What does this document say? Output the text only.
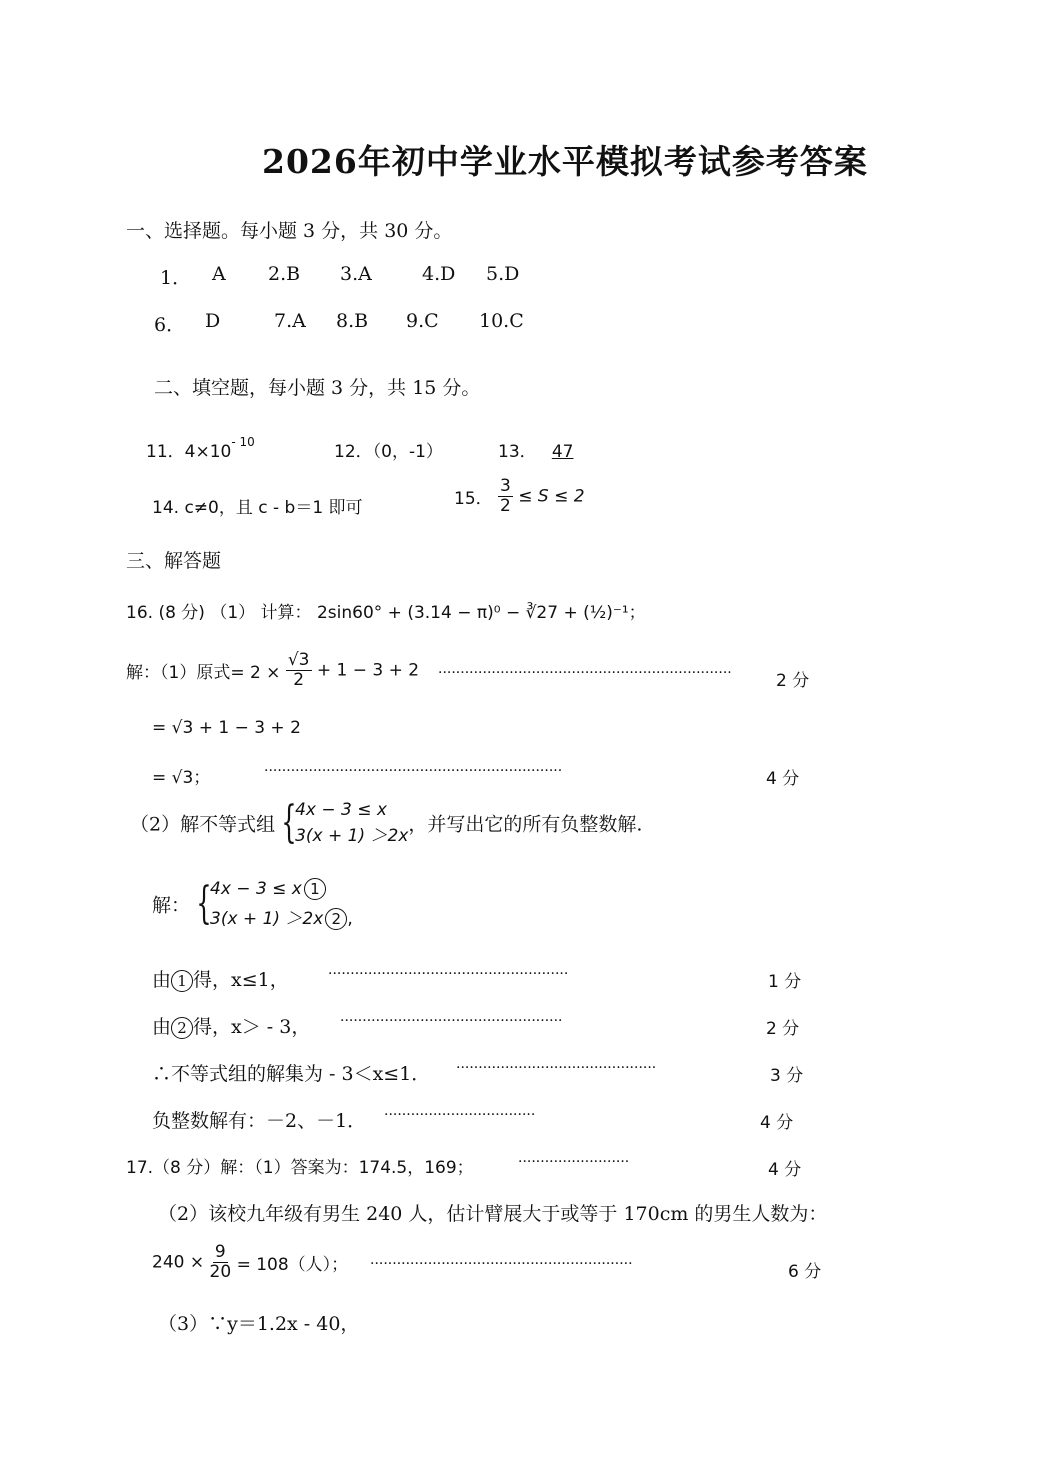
2026年初中学业水平模拟考试参考答案
一、选择题。每小题 3 分，共 30 分。
1． A 2.B 3.A	4.D 5.D
6． D	7.A 8.B 9.C 10.C
二、填空题，每小题 3 分，共 15 分。
11．$4\times 10^{- 10}$	12．（0，-1）	13． 47
14. c≠0，且 c - b＝1 即可	15． $\frac{3}{2} \le S \le 2$
三、解答题
16. (8 分) （1） 计算： 2sin60° + (3.14 − π)⁰ − ∛27 + (½)⁻¹；
解：（1）原式= $2 \times \frac{√3}{2} + 1 - 3 + 2$ ··································································	2 分
= √3 + 1 − 3 + 2
= √3；	···································································	4 分
（2）解不等式组 {
4x − 3 ≤ x
3(x + 1) ＞2x
，并写出它的所有负整数解.
解： {
4x − 3 ≤ x 1
3(x + 1) ＞2x 2 ,
由 1 得，x≤1，	······················································	1 分
由 2 得，x＞ - 3， ··················································	2 分
∴不等式组的解集为 - 3＜x≤1． ·············································	3 分
负整数解有：－2、－1． ··································	4 分
17.（8 分）解：（1）答案为：174.5，169；	·························	4 分
（2）该校九年级有男生 240 人，估计臂展大于或等于 170cm 的男生人数为：
$240 \times \frac{9}{20} = 108$（人）； ···························································	6 分
（3）∵y＝1.2x - 40，
